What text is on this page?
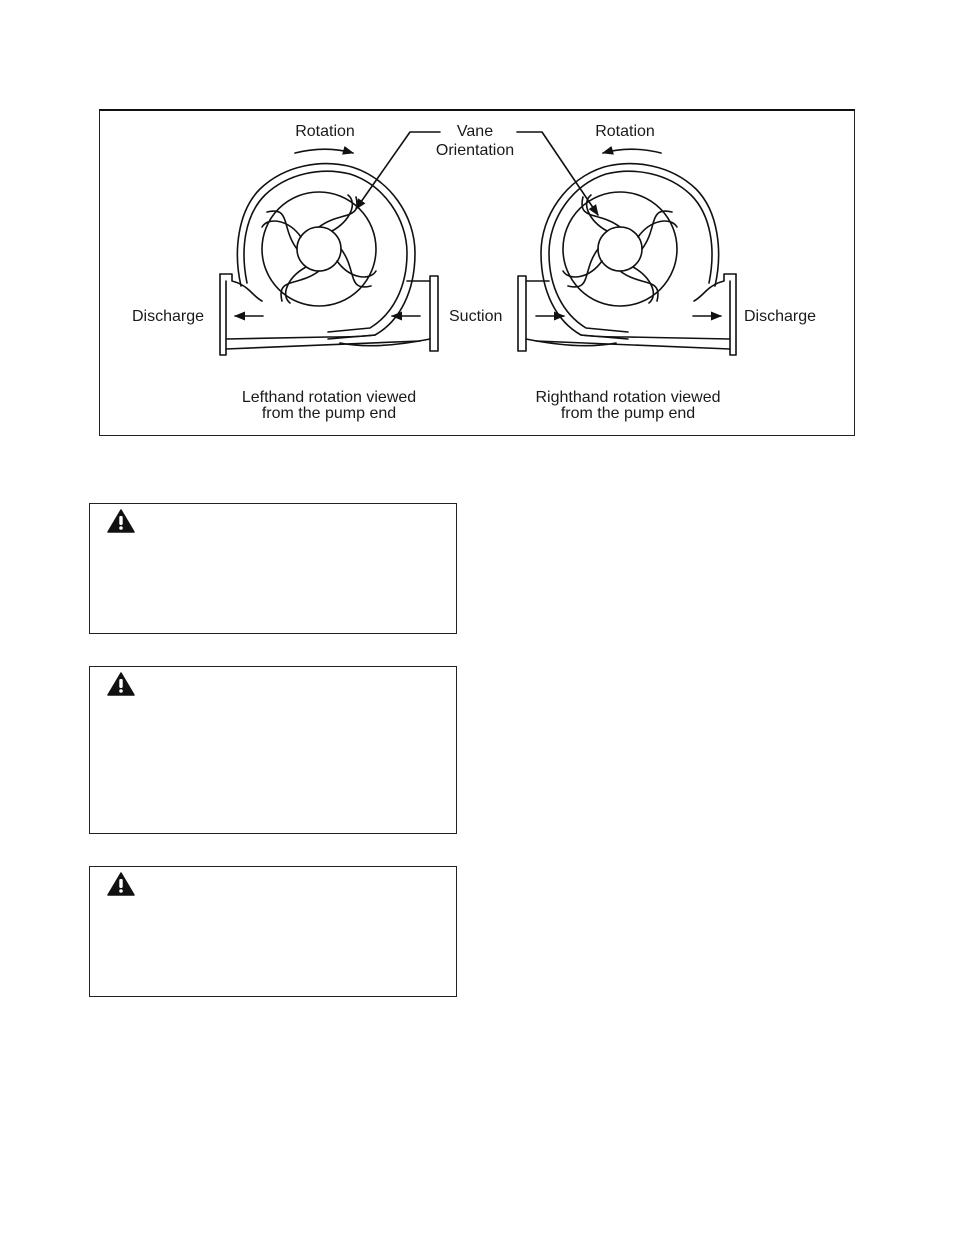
Rotation	Vane
Orientation
Rotation
Discharge	Suction	Discharge
Lefthand rotation viewed
from the pump end
Righthand rotation viewed
from the pump end
